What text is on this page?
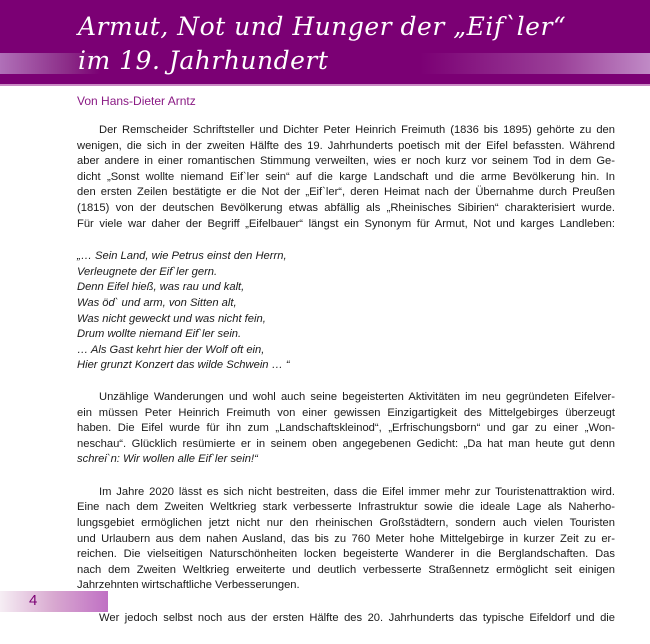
Armut, Not und Hunger der „Eif`ler“
im 19. Jahrhundert
Von Hans-Dieter Arntz
Der Remscheider Schriftsteller und Dichter Peter Heinrich Freimuth (1836 bis 1895) gehörte zu den
wenigen, die sich in der zweiten Hälfte des 19. Jahrhunderts poetisch mit der Eifel befassten. Während
aber andere in einer romantischen Stimmung verweilten, wies er noch kurz vor seinem Tod in dem Ge-
dicht „Sonst wollte niemand Eif`ler sein“ auf die karge Landschaft und die arme Bevölkerung hin. In
den ersten Zeilen bestätigte er die Not der „Eif`ler“, deren Heimat nach der Übernahme durch Preußen
(1815) von der deutschen Bevölkerung etwas abfällig als „Rheinisches Sibirien“ charakterisiert wurde.
Für viele war daher der Begriff „Eifelbauer“ längst ein Synonym für Armut, Not und karges Landleben:
„… Sein Land, wie Petrus einst den Herrn,
Verleugnete der Eif`ler gern.
Denn Eifel hieß, was rau und kalt,
Was öd` und arm, von Sitten alt,
Was nicht geweckt und was nicht fein,
Drum wollte niemand Eif`ler sein.
… Als Gast kehrt hier der Wolf oft ein,
Hier grunzt Konzert das wilde Schwein … “
Unzählige Wanderungen und wohl auch seine begeisterten Aktivitäten im neu gegründeten Eifelver-
ein müssen Peter Heinrich Freimuth von einer gewissen Einzigartigkeit des Mittelgebirges überzeugt
haben. Die Eifel wurde für ihn zum „Landschaftskleinod“, „Erfrischungsborn“ und gar zu einer „Won-
neschau“. Glücklich resümierte er in seinem oben angegebenen Gedicht: „Da hat man heute gut denn
schrei`n: Wir wollen alle Eif`ler sein!“
Im Jahre 2020 lässt es sich nicht bestreiten, dass die Eifel immer mehr zur Touristenattraktion wird.
Eine nach dem Zweiten Weltkrieg stark verbesserte Infrastruktur sowie die ideale Lage als Naherho-
lungsgebiet ermöglichen jetzt nicht nur den rheinischen Großstädtern, sondern auch vielen Touristen
und Urlaubern aus dem nahen Ausland, das bis zu 760 Meter hohe Mittelgebirge in kurzer Zeit zu er-
reichen. Die vielseitigen Naturschönheiten locken begeisterte Wanderer in die Berglandschaften. Das
nach dem Zweiten Weltkrieg erweiterte und deutlich verbesserte Straßennetz ermöglicht seit einigen
Jahrzehnten wirtschaftliche Verbesserungen.
Wer jedoch selbst noch aus der ersten Hälfte des 20. Jahrhunderts das typische Eifeldorf und die
4
